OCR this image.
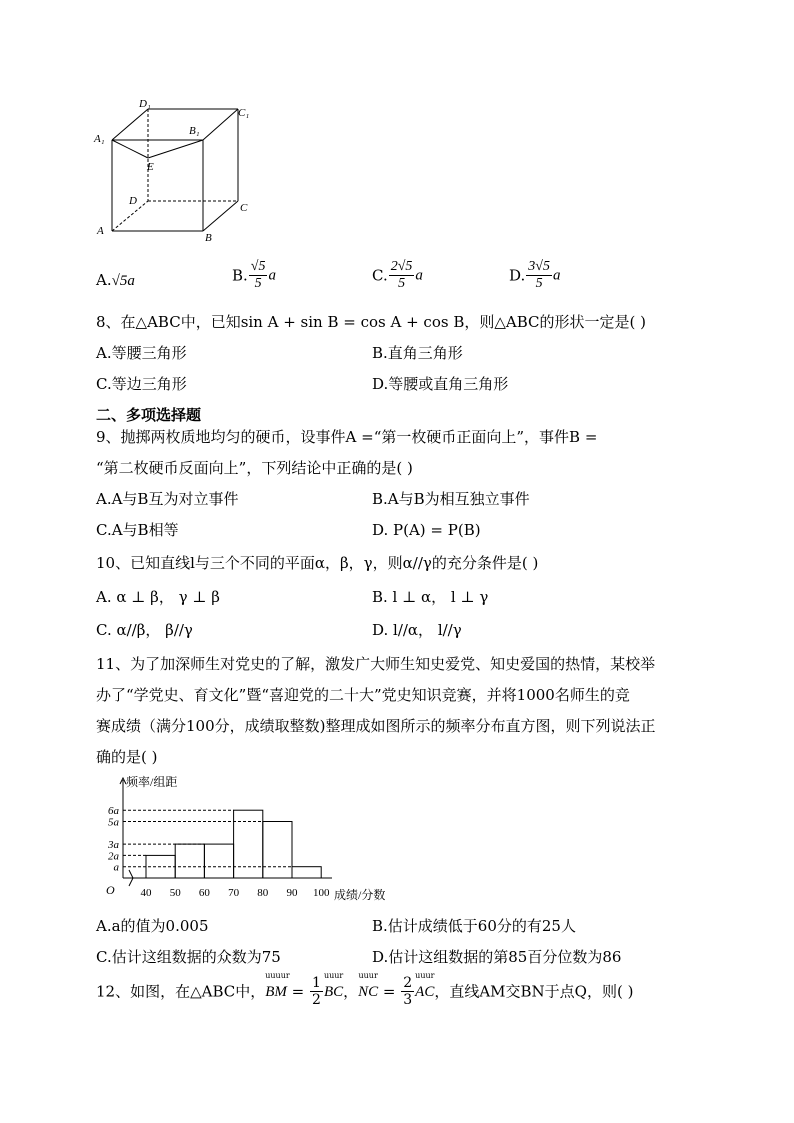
D₁
C₁
A₁
B₁
E
D
C
A
B
A.√5a	B. $\frac{√5}{5}$ a	C. $\frac{2√5}{5}$ a	D. $\frac{3√5}{5}$ a
8、在△ABC中，已知sin A + sin B = cos A + cos B，则△ABC的形状一定是( )
A.等腰三角形	B.直角三角形
C.等边三角形	D.等腰或直角三角形
二、多项选择题
9、抛掷两枚质地均匀的硬币，设事件A =“第一枚硬币正面向上”，事件B =
“第二枚硬币反面向上”，下列结论中正确的是( )
A.A与B互为对立事件	B.A与B为相互独立事件
C.A与B相等	D. P(A) = P(B)
10、已知直线l与三个不同的平面α，β，γ，则α//γ的充分条件是( )
A. α ⊥ β， γ ⊥ β	B. l ⊥ α， l ⊥ γ
C. α//β， β//γ	D. l//α， l//γ
11、为了加深师生对党史的了解，激发广大师生知史爱党、知史爱国的热情，某校举
办了“学党史、育文化”暨“喜迎党的二十大”党史知识竞赛，并将1000名师生的竞
赛成绩（满分100分，成绩取整数)整理成如图所示的频率分布直方图，则下列说法正
确的是( )
频率/组距
成绩/分数
O
a
2a
3a
5a
6a
40 50 60 70 80 90 100
A.a的值为0.005	B.估计成绩低于60分的有25人
C.估计这组数据的众数为75	D.估计这组数据的第85百分位数为86
12、如图，在△ABC中，
uuuur
BM = $\frac{1}{2}$ uuur
BC，
uuur
NC = $\frac{2}{3}$ uuur
AC，直线AM交BN于点Q，则( )
